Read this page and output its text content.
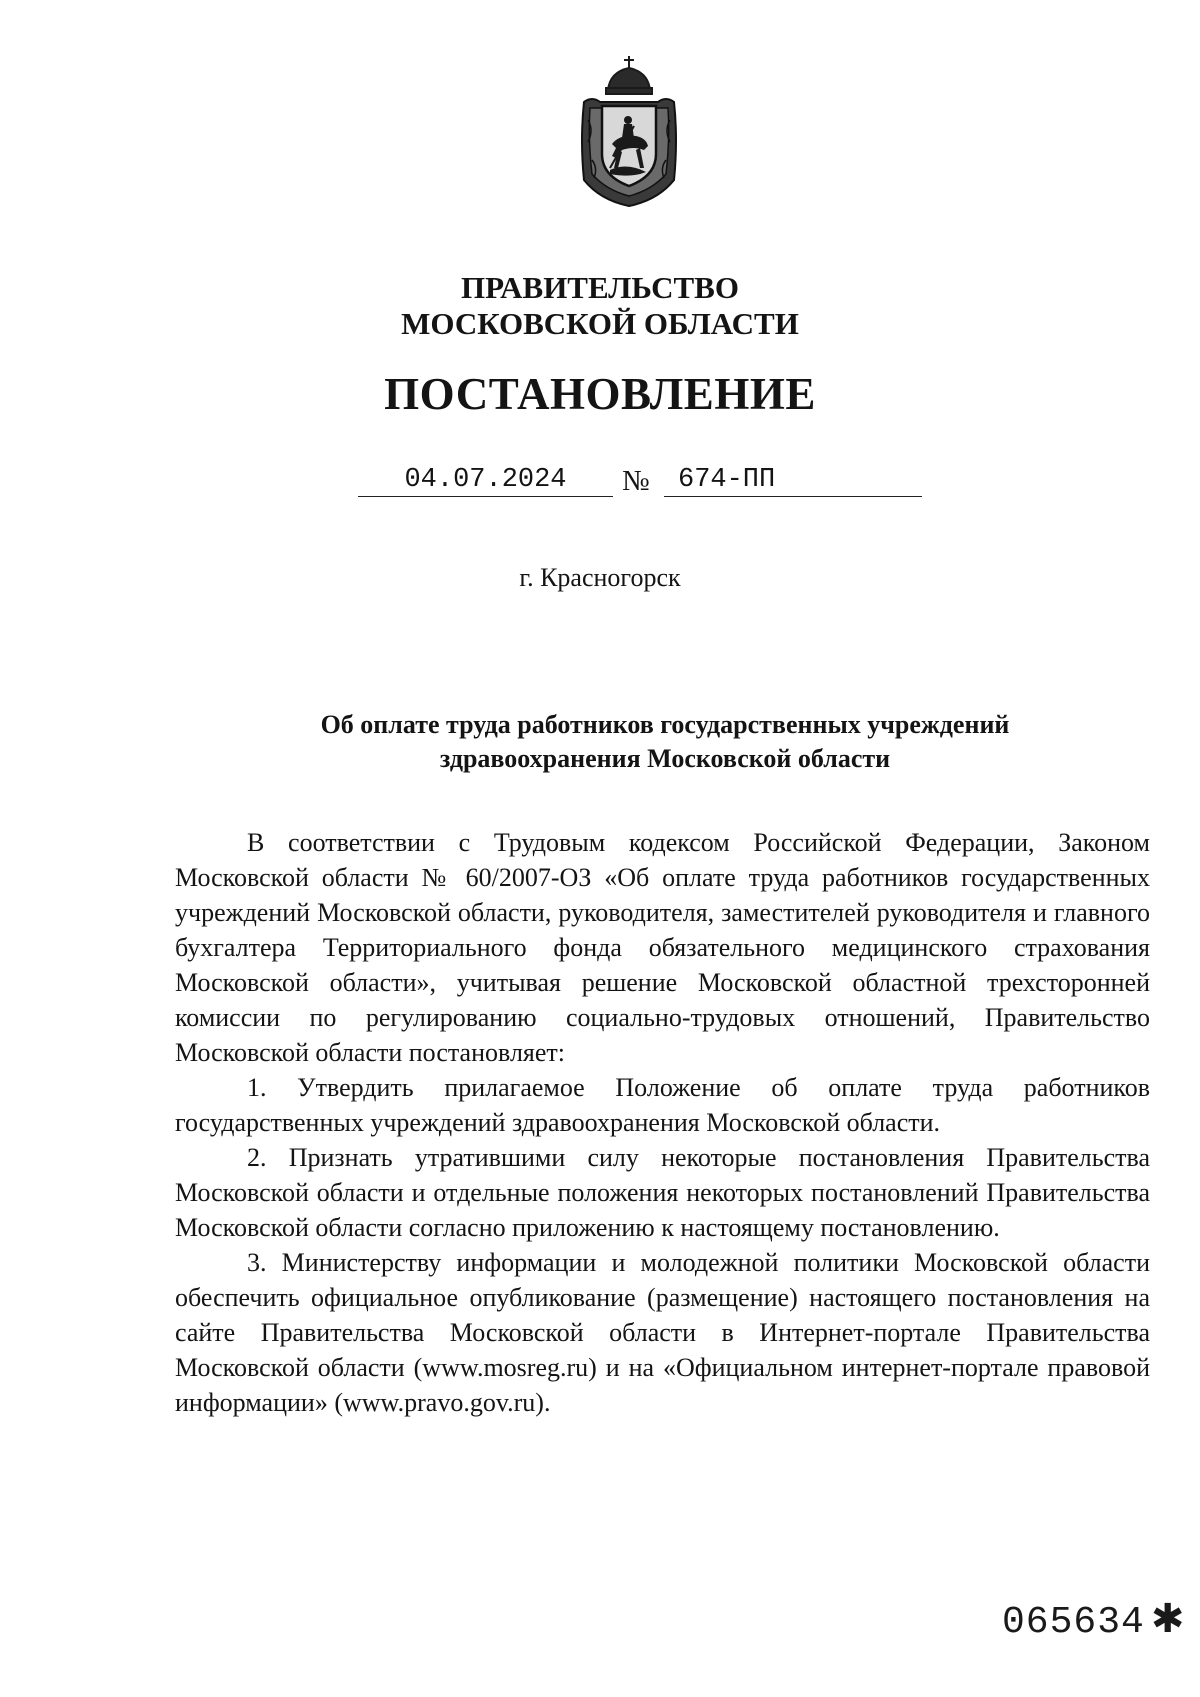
ПРАВИТЕЛЬСТВО
МОСКОВСКОЙ ОБЛАСТИ
ПОСТАНОВЛЕНИЕ
04.07.2024	№	674-ПП
г. Красногорск
Об оплате труда работников государственных учреждений
здравоохранения Московской области

В соответствии с Трудовым кодексом Российской Федерации, Законом Московской области № 60/2007-ОЗ «Об оплате труда работников государственных учреждений Московской области, руководителя, заместителей руководителя и главного бухгалтера Территориального фонда обязательного медицинского страхования Московской области», учитывая решение Московской областной трехсторонней комиссии по регулированию социально-трудовых отношений, Правительство Московской области постановляет:

1. Утвердить прилагаемое Положение об оплате труда работников государственных учреждений здравоохранения Московской области.

2. Признать утратившими силу некоторые постановления Правительства Московской области и отдельные положения некоторых постановлений Правительства Московской области согласно приложению к настоящему постановлению.

3. Министерству информации и молодежной политики Московской области обеспечить официальное опубликование (размещение) настоящего постановления на сайте Правительства Московской области в Интернет-портале Правительства Московской области (www.mosreg.ru) и на «Официальном интернет-портале правовой информации» (www.pravo.gov.ru).

065634 ✱
